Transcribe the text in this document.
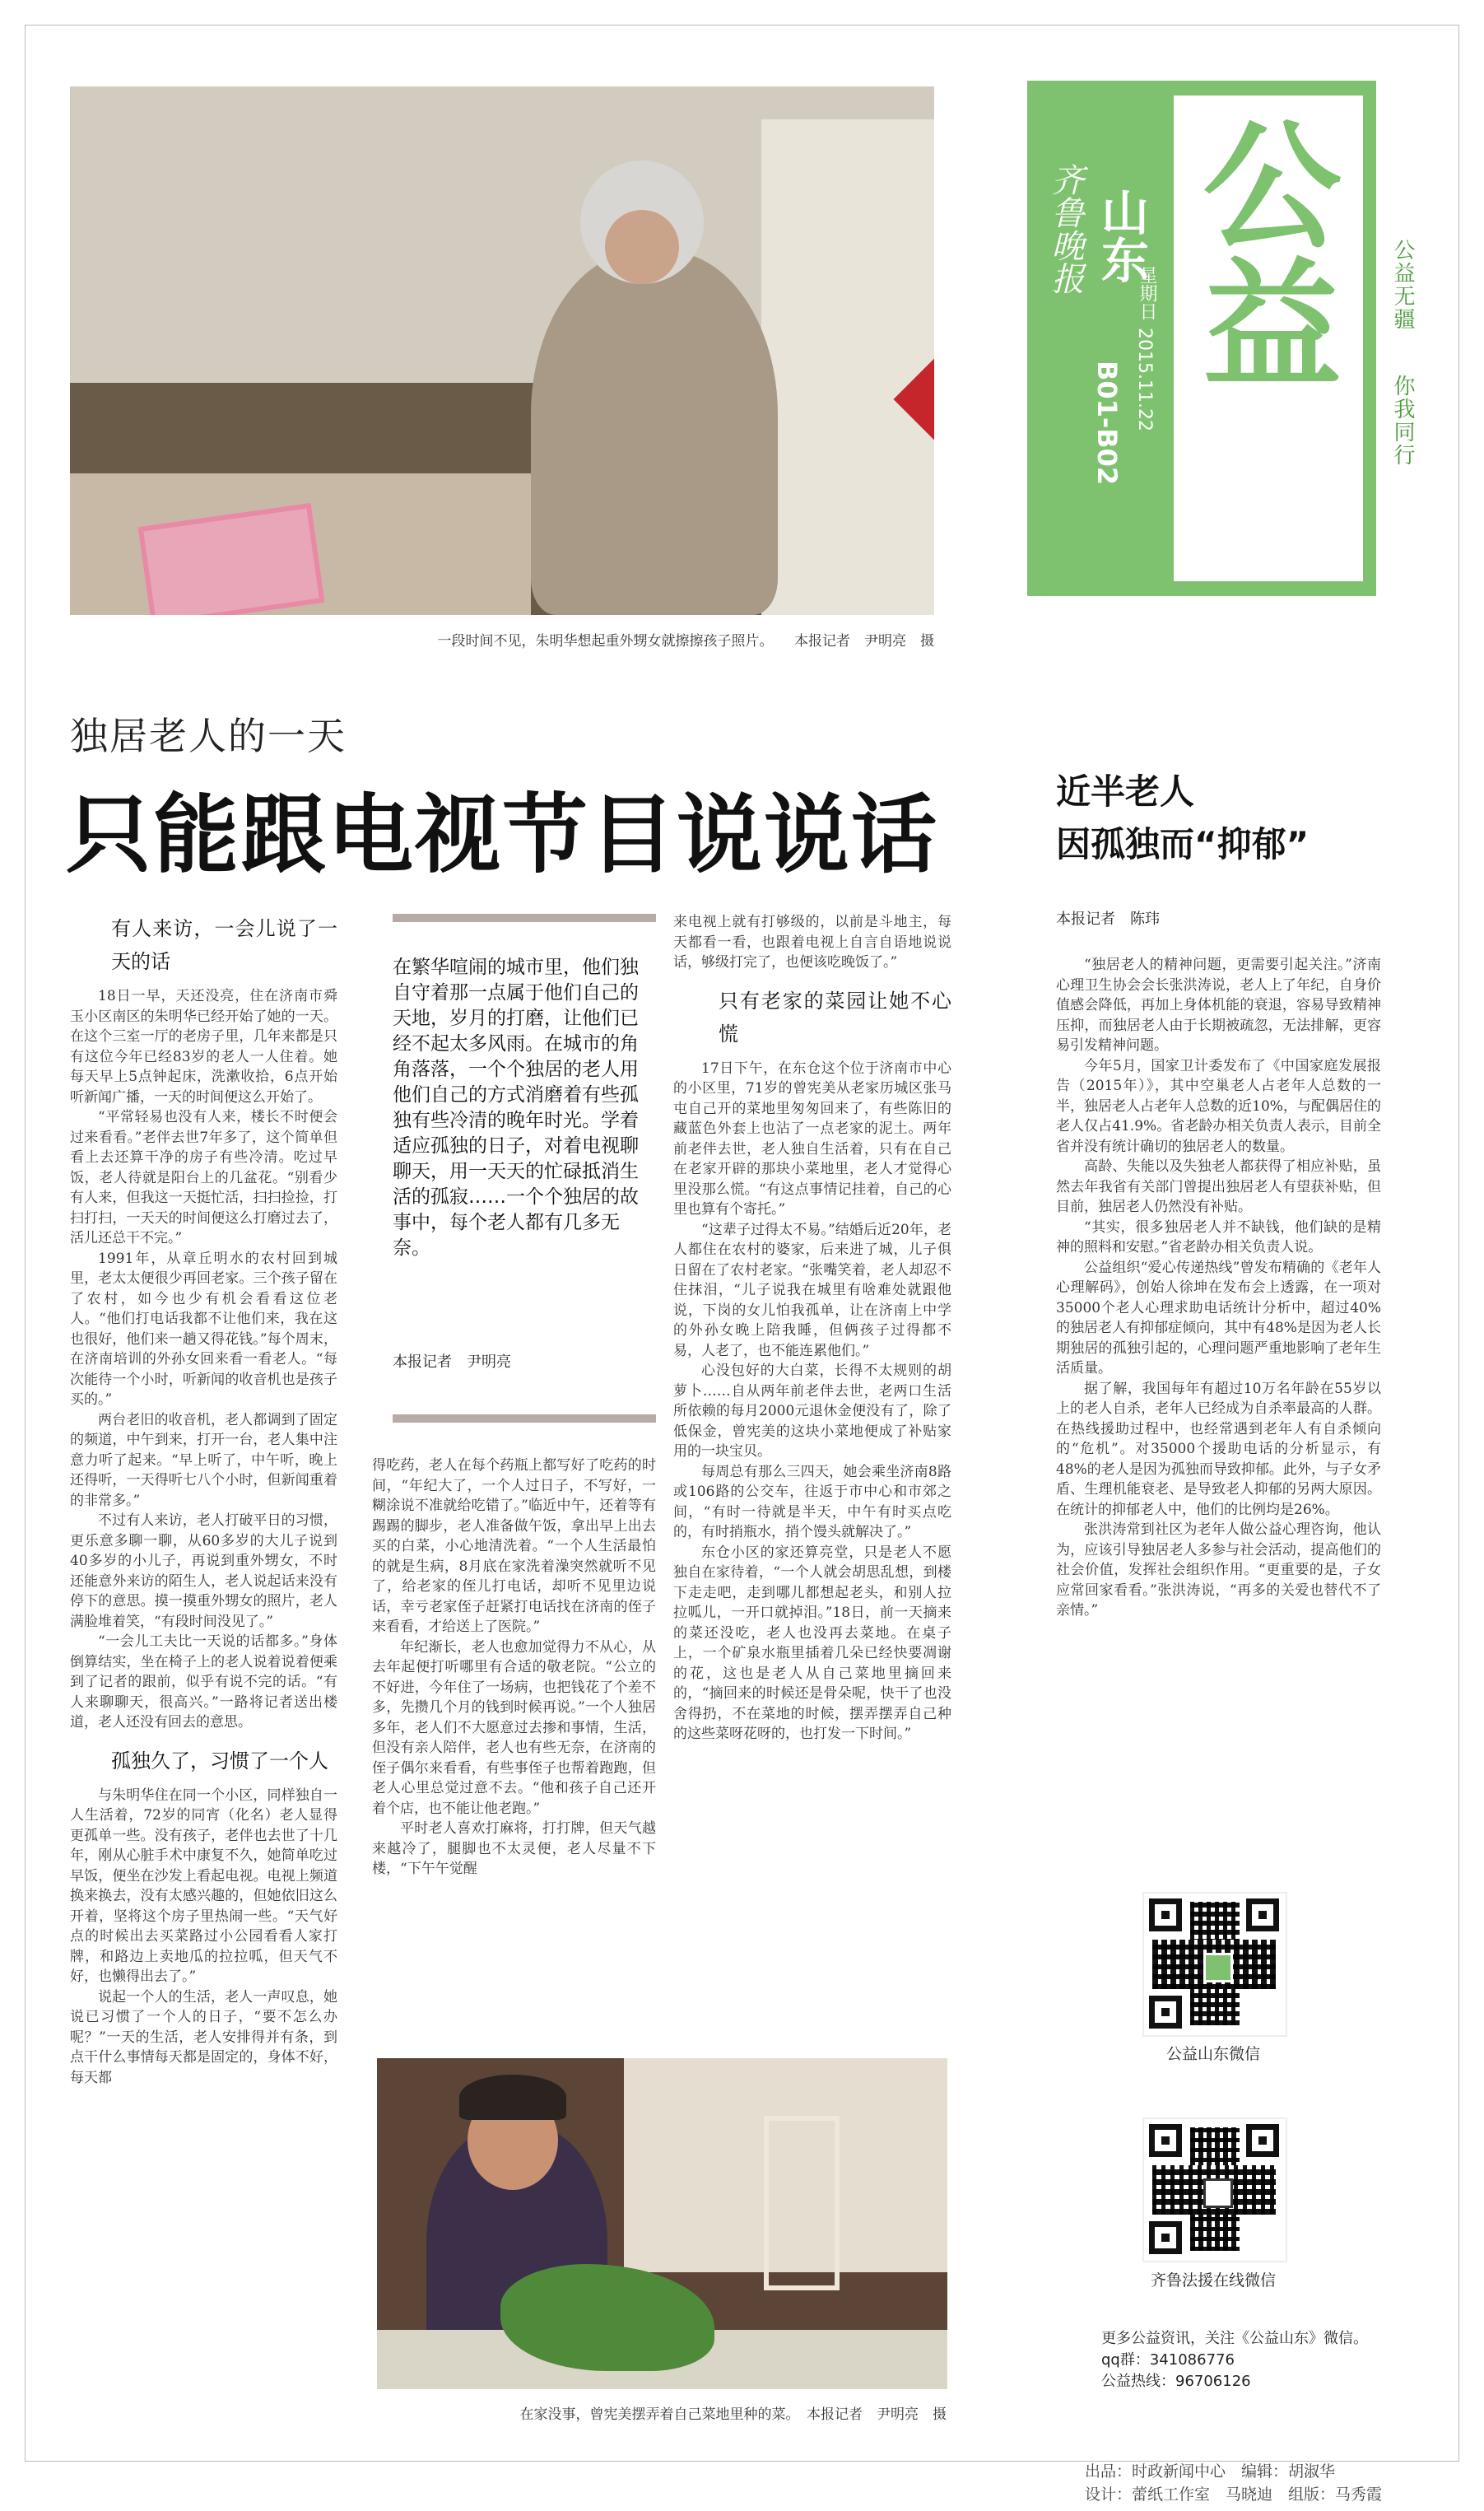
一段时间不见，朱明华想起重外甥女就擦擦孩子照片。　　 本报记者　尹明亮　摄
齐鲁晚报 山东
星期日
2015.11.22
B01-B02
公益 公益无疆
你我同行
独居老人的一天
只能跟电视节目说说话	近半老人
因孤独而“抑郁”
本报记者　陈玮
有人来访，一会儿说了一天的话

18日一早，天还没亮，住在济南市舜玉小区南区的朱明华已经开始了她的一天。在这个三室一厅的老房子里，几年来都是只有这位今年已经83岁的老人一人住着。她每天早上5点钟起床，洗漱收拾，6点开始听新闻广播，一天的时间便这么开始了。

“平常轻易也没有人来，楼长不时便会过来看看。”老伴去世7年多了，这个简单但看上去还算干净的房子有些冷清。吃过早饭，老人待就是阳台上的几盆花。“别看少有人来，但我这一天挺忙活，扫扫捡捡，打扫打扫，一天天的时间便这么打磨过去了，活儿还总干不完。”

1991年，从章丘明水的农村回到城里，老太太便很少再回老家。三个孩子留在了农村，如今也少有机会看看这位老人。“他们打电话我都不让他们来，我在这也很好，他们来一趟又得花钱。”每个周末，在济南培训的外孙女回来看一看老人。“每次能待一个小时，听新闻的收音机也是孩子买的。”

两台老旧的收音机，老人都调到了固定的频道，中午到来，打开一台，老人集中注意力听了起来。“早上听了，中午听，晚上还得听，一天得听七八个小时，但新闻重着的非常多。”

不过有人来访，老人打破平日的习惯，更乐意多聊一聊，从60多岁的大儿子说到40多岁的小儿子，再说到重外甥女，不时还能意外来访的陌生人，老人说起话来没有停下的意思。摸一摸重外甥女的照片，老人满脸堆着笑，“有段时间没见了。”

“一会儿工夫比一天说的话都多。”身体倒算结实，坐在椅子上的老人说着说着便乘到了记者的跟前，似乎有说不完的话。“有人来聊聊天，很高兴。”一路将记者送出楼道，老人还没有回去的意思。

孤独久了，习惯了一个人

与朱明华住在同一个小区，同样独自一人生活着，72岁的同宵（化名）老人显得更孤单一些。没有孩子，老伴也去世了十几年，刚从心脏手术中康复不久，她简单吃过早饭，便坐在沙发上看起电视。电视上频道换来换去，没有太感兴趣的，但她依旧这么开着，坚将这个房子里热闹一些。“天气好点的时候出去买菜路过小公园看看人家打牌，和路边上卖地瓜的拉拉呱，但天气不好，也懒得出去了。”

说起一个人的生活，老人一声叹息，她说已习惯了一个人的日子，“要不怎么办呢？”一天的生活，老人安排得并有条，到点干什么事情每天都是固定的，身体不好，每天都

在繁华喧闹的城市里，他们独自守着那一点属于他们自己的天地，岁月的打磨，让他们已经不起太多风雨。在城市的角角落落，一个个独居的老人用他们自己的方式消磨着有些孤独有些冷清的晚年时光。学着适应孤独的日子，对着电视聊聊天，用一天天的忙碌抵消生活的孤寂……一个个独居的故事中，每个老人都有几多无奈。
本报记者　尹明亮

得吃药，老人在每个药瓶上都写好了吃药的时间，“年纪大了，一个人过日子，不写好，一糊涂说不准就给吃错了。”临近中午，还着等有踢踢的脚步，老人准备做午饭，拿出早上出去买的白菜，小心地清洗着。“一个人生活最怕的就是生病，8月底在家洗着澡突然就听不见了，给老家的侄儿打电话，却听不见里边说话，幸亏老家侄子赶紧打电话找在济南的侄子来看看，才给送上了医院。”

年纪渐长，老人也愈加觉得力不从心，从去年起便打听哪里有合适的敬老院。“公立的不好进，今年住了一场病，也把钱花了个差不多，先攒几个月的钱到时候再说。”一个人独居多年，老人们不大愿意过去掺和事情，生活，但没有亲人陪伴，老人也有些无奈，在济南的侄子偶尔来看看，有些事侄子也帮着跑跑，但老人心里总觉过意不去。“他和孩子自己还开着个店，也不能让他老跑。”

平时老人喜欢打麻将，打打牌，但天气越来越冷了，腿脚也不太灵便，老人尽量不下楼，“下午午觉醒

来电视上就有打够级的，以前是斗地主，每天都看一看，也跟着电视上自言自语地说说话，够级打完了，也便该吃晚饭了。”

只有老家的菜园让她不心慌

17日下午，在东仓这个位于济南市中心的小区里，71岁的曾宪美从老家历城区张马屯自己开的菜地里匆匆回来了，有些陈旧的藏蓝色外套上也沾了一点老家的泥土。两年前老伴去世，老人独自生活着，只有在自己在老家开辟的那块小菜地里，老人才觉得心里没那么慌。“有这点事情记挂着，自己的心里也算有个寄托。”

“这辈子过得太不易。”结婚后近20年，老人都住在农村的婆家，后来进了城，儿子俱日留在了农村老家。“张嘴笑着，老人却忍不住抹泪，“儿子说我在城里有啥难处就跟他说，下岗的女儿怕我孤单，让在济南上中学的外孙女晚上陪我睡，但俩孩子过得都不易，人老了，也不能连累他们。”

心没包好的大白菜，长得不太规则的胡萝卜……自从两年前老伴去世，老两口生活所依赖的每月2000元退休金便没有了，除了低保金，曾宪美的这块小菜地便成了补贴家用的一块宝贝。

每周总有那么三四天，她会乘坐济南8路或106路的公交车，往返于市中心和市郊之间，“有时一待就是半天，中午有时买点吃的，有时捎瓶水，捎个馒头就解决了。”

东仓小区的家还算亮堂，只是老人不愿独自在家待着，“一个人就会胡思乱想，到楼下走走吧，走到哪儿都想起老头，和别人拉拉呱儿，一开口就掉泪。”18日，前一天摘来的菜还没吃，老人也没再去菜地。在桌子上，一个矿泉水瓶里插着几朵已经快要凋谢的花，这也是老人从自己菜地里摘回来的，“摘回来的时候还是骨朵呢，快干了也没舍得扔，不在菜地的时候，摆弄摆弄自己种的这些菜呀花呀的，也打发一下时间。”

在家没事，曾宪美摆弄着自己菜地里种的菜。　 本报记者　尹明亮　摄

“独居老人的精神问题，更需要引起关注。”济南心理卫生协会会长张洪涛说，老人上了年纪，自身价值感会降低，再加上身体机能的衰退，容易导致精神压抑，而独居老人由于长期被疏忽，无法排解，更容易引发精神问题。

今年5月，国家卫计委发布了《中国家庭发展报告（2015年）》，其中空巢老人占老年人总数的一半，独居老人占老年人总数的近10%，与配偶居住的老人仅占41.9%。省老龄办相关负责人表示，目前全省并没有统计确切的独居老人的数量。

高龄、失能以及失独老人都获得了相应补贴，虽然去年我省有关部门曾提出独居老人有望获补贴，但目前，独居老人仍然没有补贴。

“其实，很多独居老人并不缺钱，他们缺的是精神的照料和安慰。”省老龄办相关负责人说。

公益组织“爱心传递热线”曾发布精确的《老年人心理解码》，创始人徐坤在发布会上透露，在一项对35000个老人心理求助电话统计分析中，超过40%的独居老人有抑郁症倾向，其中有48%是因为老人长期独居的孤独引起的，心理问题严重地影响了老年生活质量。

据了解，我国每年有超过10万名年龄在55岁以上的老人自杀，老年人已经成为自杀率最高的人群。在热线援助过程中，也经常遇到老年人有自杀倾向的“危机”。对35000个援助电话的分析显示，有48%的老人是因为孤独而导致抑郁。此外，与子女矛盾、生理机能衰老、是导致老人抑郁的另两大原因。在统计的抑郁老人中，他们的比例均是26%。

张洪涛常到社区为老年人做公益心理咨询，他认为，应该引导独居老人多参与社会活动，提高他们的社会价值，发挥社会组织作用。“更重要的是，子女应常回家看看。”张洪涛说，“再多的关爱也替代不了亲情。”

公益山东微信
齐鲁法援在线微信
更多公益资讯，关注《公益山东》微信。
qq群：341086776
公益热线：96706126
出品：时政新闻中心　编辑：胡淑华
设计：蕾纸工作室　马晓迪　组版：马秀霞
